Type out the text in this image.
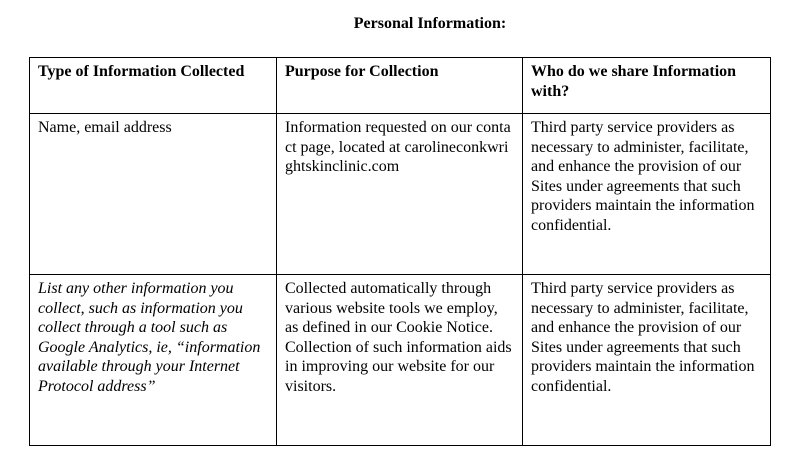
Personal Information:
Type of Information Collected	Purpose for Collection	Who do we share Information with?
Name, email address	Information requested on our contact page, located at carolineconkwrightskinclinic.com	Third party service providers as necessary to administer, facilitate, and enhance the provision of our Sites under agreements that such providers maintain the information confidential.
List any other information you collect, such as information you collect through a tool such as Google Analytics, ie, “information available through your Internet Protocol address”	Collected automatically through various website tools we employ, as defined in our Cookie Notice. Collection of such information aids in improving our website for our visitors.	Third party service providers as necessary to administer, facilitate, and enhance the provision of our Sites under agreements that such providers maintain the information confidential.
